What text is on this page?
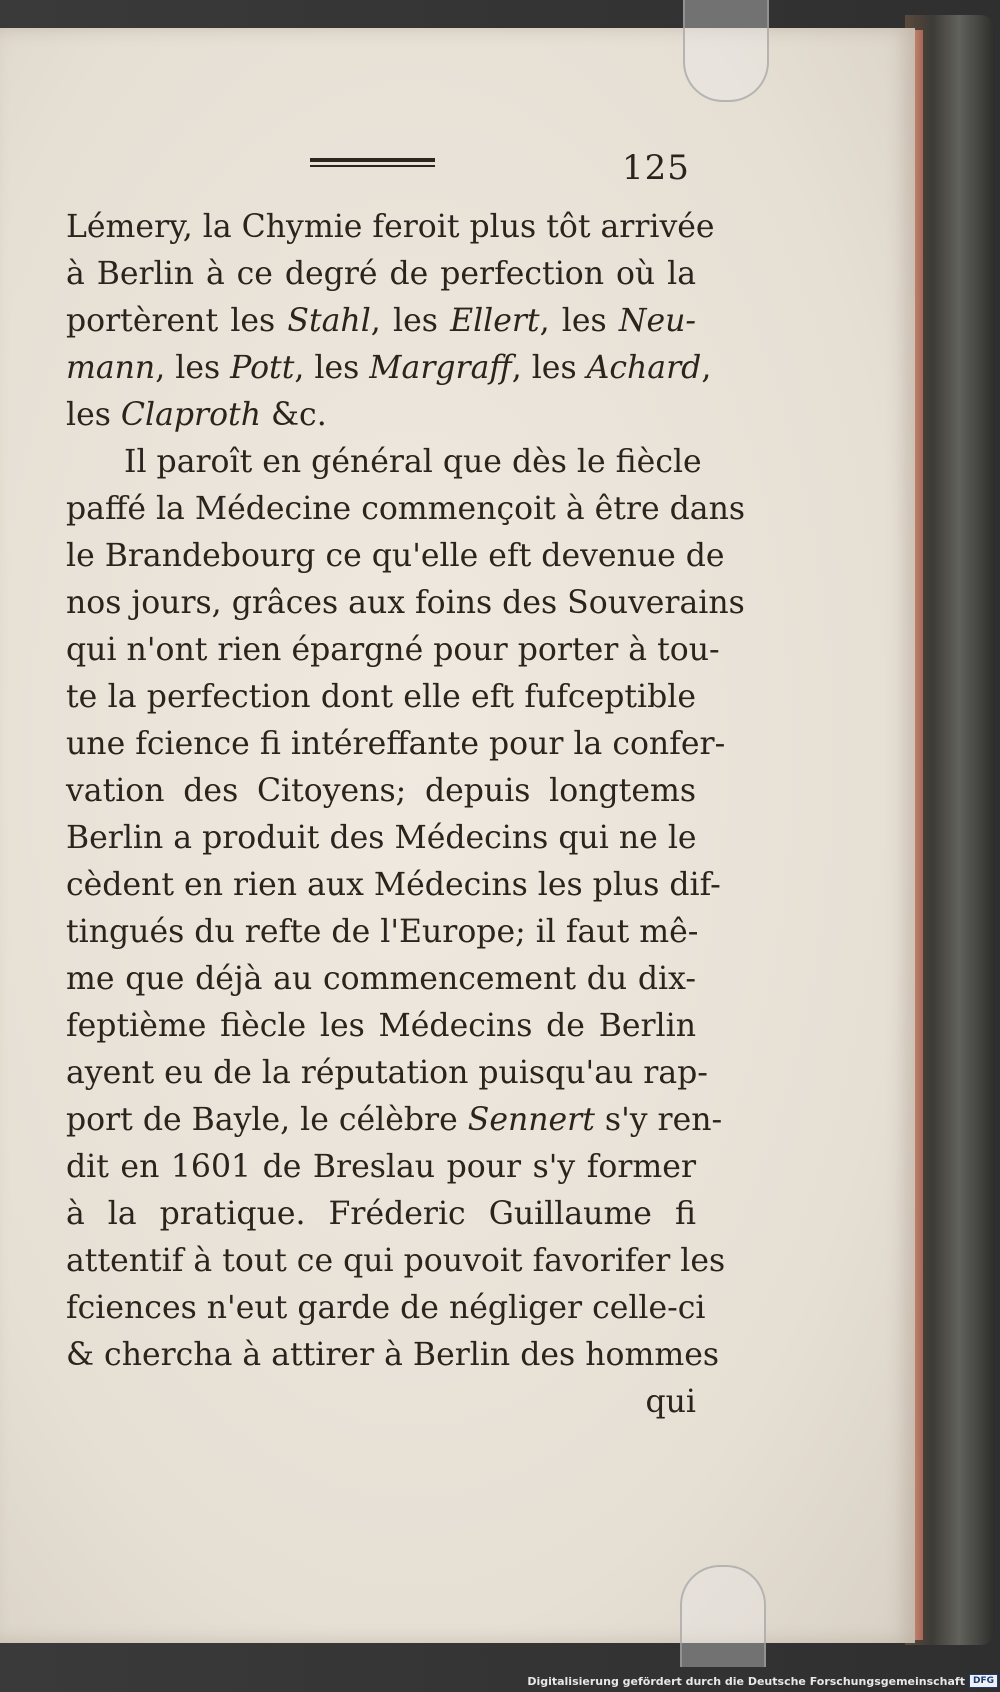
125
Lémery, la Chymie feroit plus tôt arrivée
à Berlin à ce degré de perfection où la
portèrent les Stahl, les Ellert, les Neu-
mann, les Pott, les Margraff, les Achard,
les Claproth &c.
Il paroît en général que dès le fiècle
paffé la Médecine commençoit à être dans
le Brandebourg ce qu'elle eft devenue de
nos jours, grâces aux foins des Souverains
qui n'ont rien épargné pour porter à tou-
te la perfection dont elle eft fufceptible
une fcience fi intéreffante pour la confer-
vation des Citoyens; depuis longtems
Berlin a produit des Médecins qui ne le
cèdent en rien aux Médecins les plus dif-
tingués du refte de l'Europe; il faut mê-
me que déjà au commencement du dix-
feptième fiècle les Médecins de Berlin
ayent eu de la réputation puisqu'au rap-
port de Bayle, le célèbre Sennert s'y ren-
dit en 1601 de Breslau pour s'y former
à la pratique. Fréderic Guillaume fi
attentif à tout ce qui pouvoit favorifer les
fciences n'eut garde de négliger celle-ci
& chercha à attirer à Berlin des hommes
qui
Digitalisierung gefördert durch die Deutsche Forschungsgemeinschaft DFG
